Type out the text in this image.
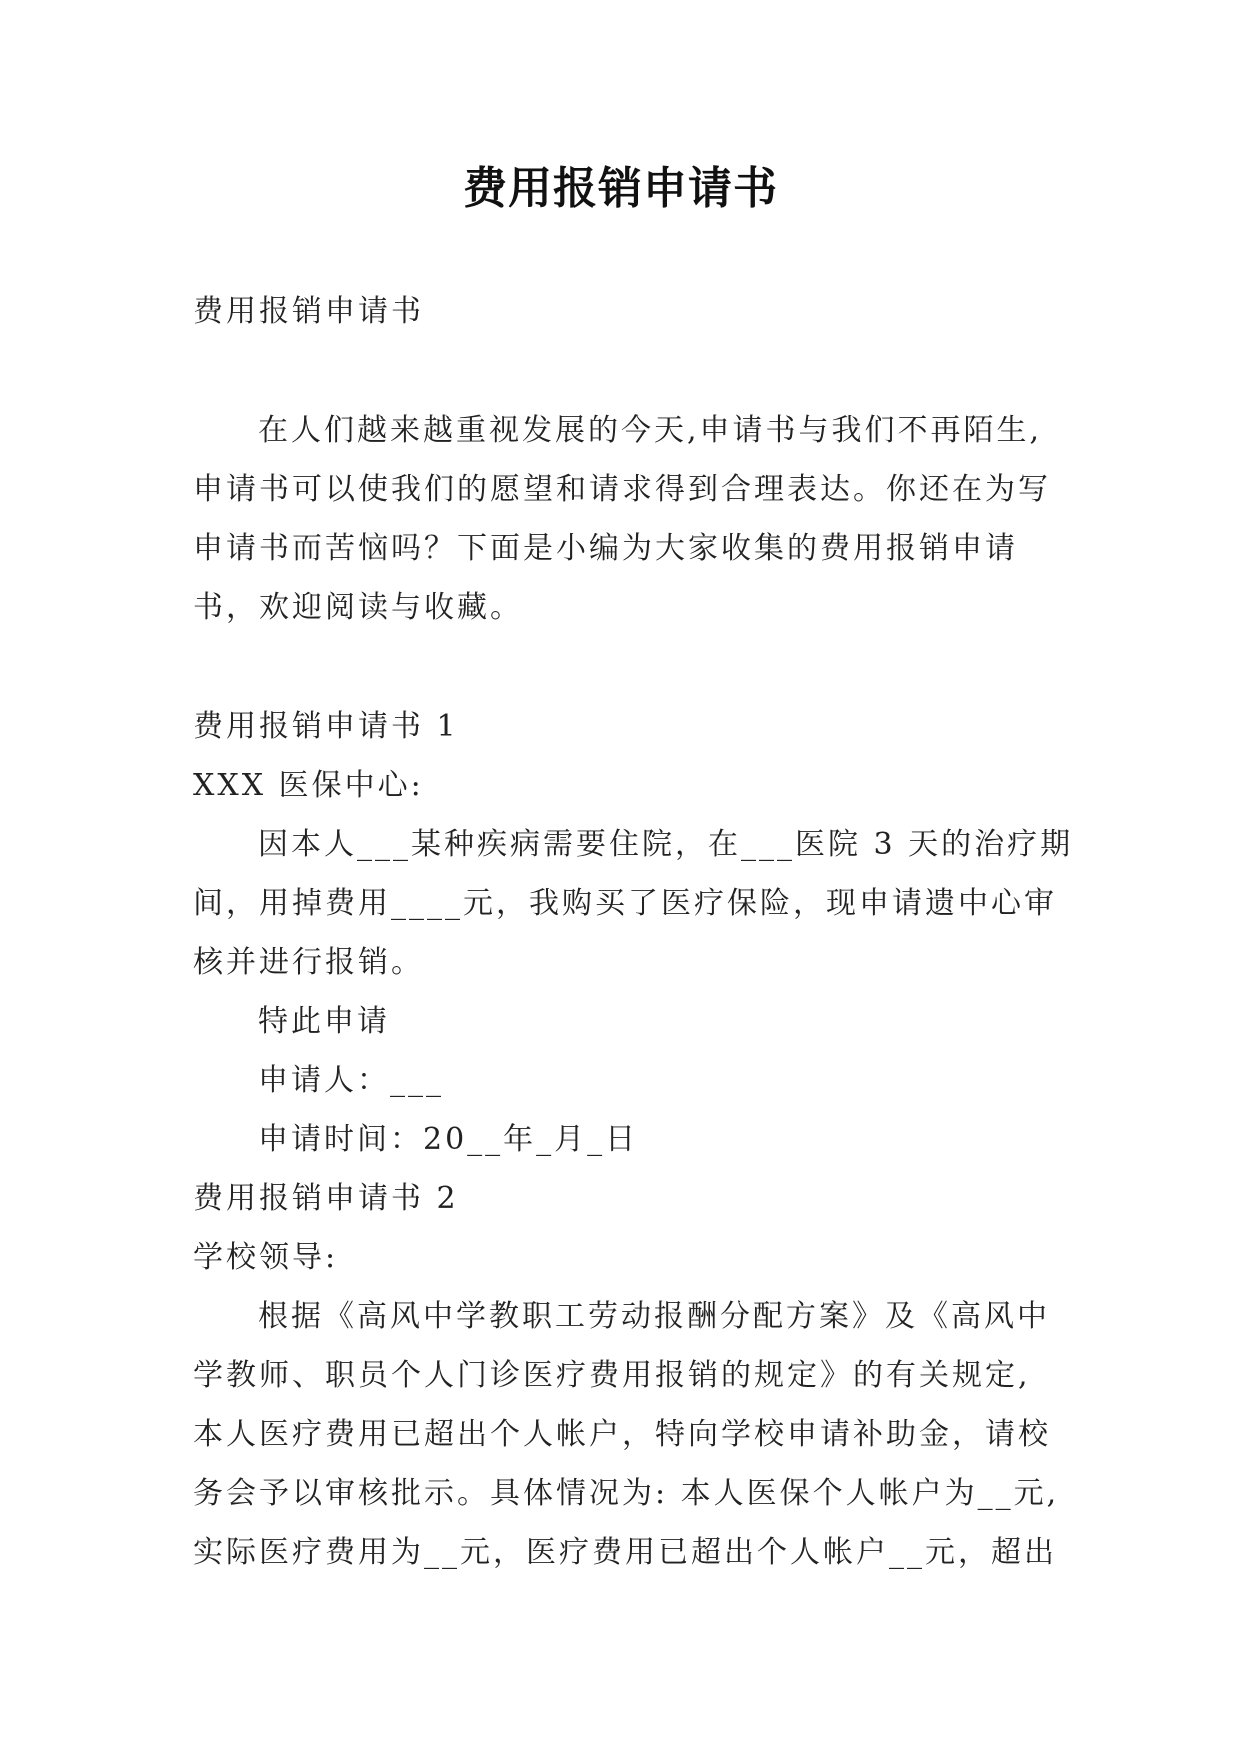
费用报销申请书

费用报销申请书

在人们越来越重视发展的今天,申请书与我们不再陌生,

申请书可以使我们的愿望和请求得到合理表达。你还在为写

申请书而苦恼吗？下面是小编为大家收集的费用报销申请

书，欢迎阅读与收藏。

费用报销申请书 1

XXX 医保中心:

因本人___某种疾病需要住院，在___医院 3 天的治疗期

间，用掉费用____元，我购买了医疗保险，现申请遗中心审

核并进行报销。

特此申请

申请人：___

申请时间：20__年_月_日

费用报销申请书 2

学校领导:

根据《高风中学教职工劳动报酬分配方案》及《高风中

学教师、职员个人门诊医疗费用报销的规定》的有关规定,

本人医疗费用已超出个人帐户，特向学校申请补助金，请校

务会予以审核批示。具体情况为: 本人医保个人帐户为__元,

实际医疗费用为__元，医疗费用已超出个人帐户__元，超出
